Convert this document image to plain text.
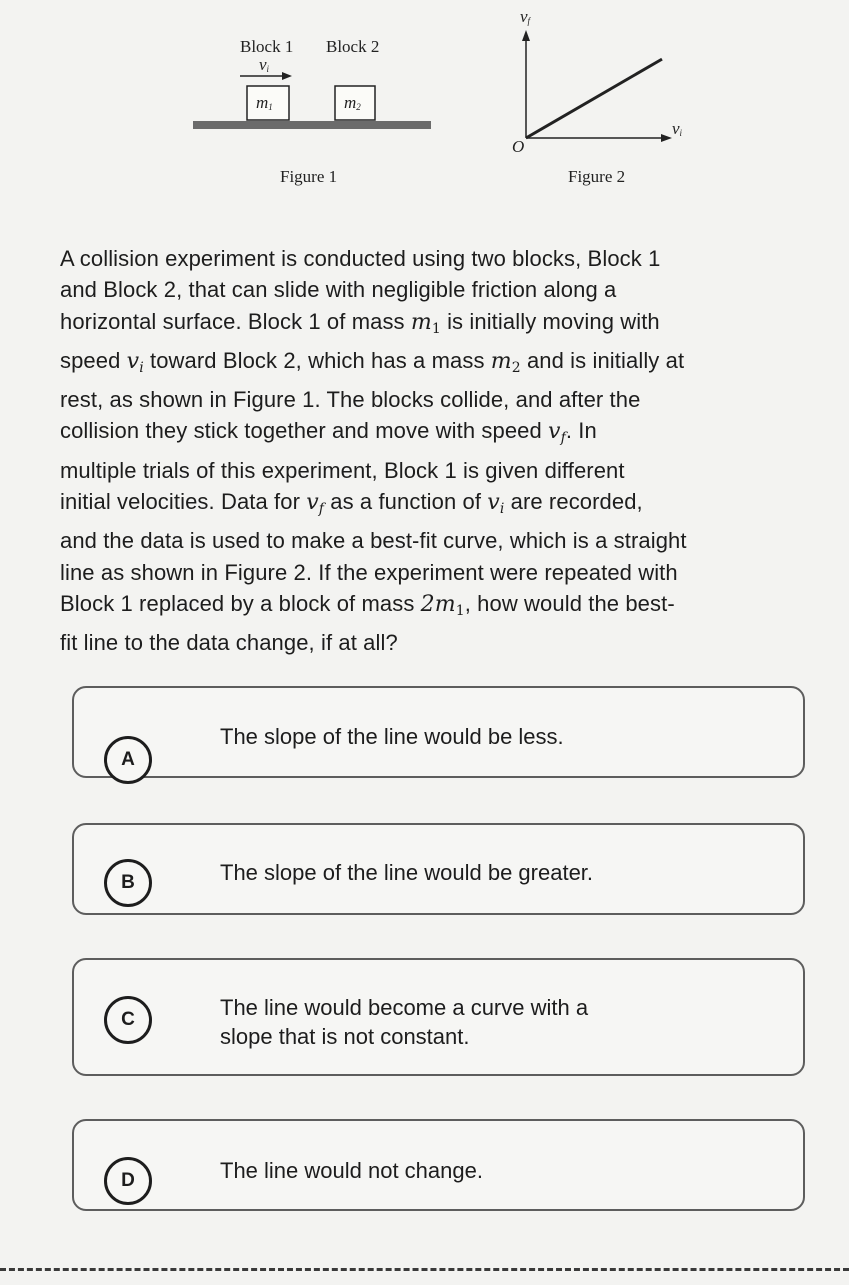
Block 1 Block 2
vi
m1	m2
Figure 1
vf
vi
O
Figure 2
A collision experiment is conducted using two blocks, Block 1
and Block 2, that can slide with negligible friction along a
horizontal surface. Block 1 of mass $m_1$ is initially moving with
speed vi toward Block 2, which has a mass $m_2$ and is initially at
rest, as shown in Figure 1. The blocks collide, and after the
collision they stick together and move with speed vf. In
multiple trials of this experiment, Block 1 is given different
initial velocities. Data for vf as a function of vi are recorded,
and the data is used to make a best-fit curve, which is a straight
line as shown in Figure 2. If the experiment were repeated with
Block 1 replaced by a block of mass $2m_1$, how would the best-
fit line to the data change, if at all?
A
The slope of the line would be less.
B	The slope of the line would be greater.
C	The line would become a curve with a
slope that is not constant.
D	The line would not change.
